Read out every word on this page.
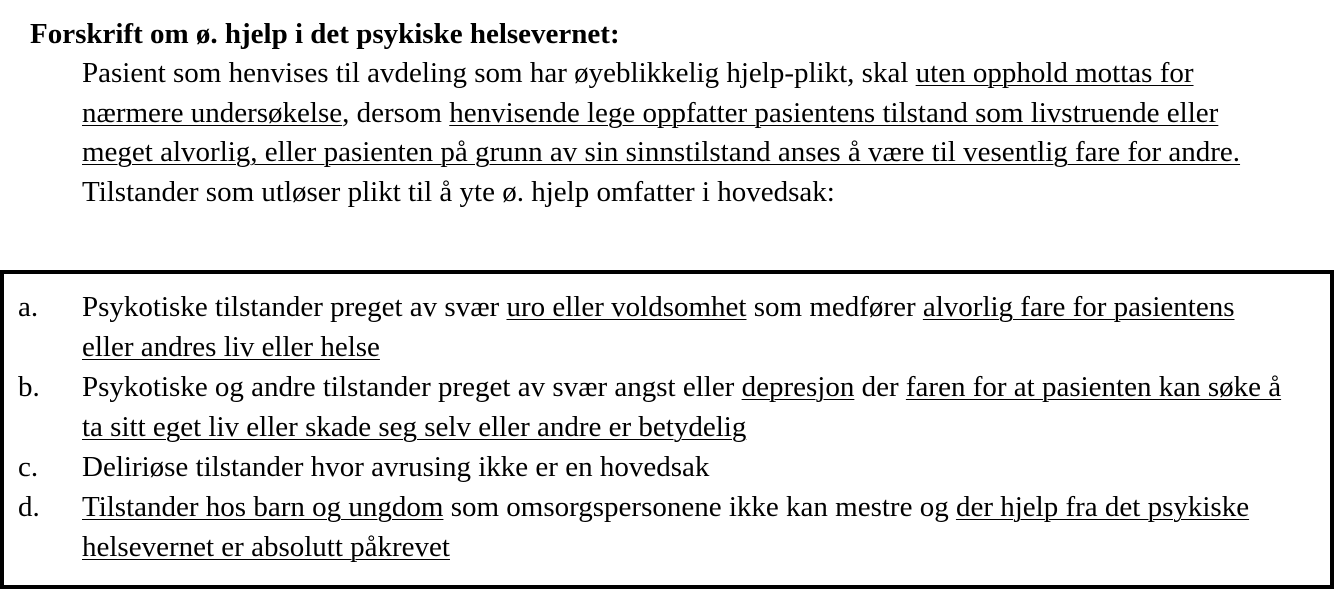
Forskrift om ø. hjelp i det psykiske helsevernet:

Pasient som henvises til avdeling som har øyeblikkelig hjelp-plikt, skal uten opphold mottas for nærmere undersøkelse, dersom henvisende lege oppfatter pasientens tilstand som livstruende eller meget alvorlig, eller pasienten på grunn av sin sinnstilstand anses å være til vesentlig fare for andre.

Tilstander som utløser plikt til å yte ø. hjelp omfatter i hovedsak:

a. Psykotiske tilstander preget av svær uro eller voldsomhet som medfører alvorlig fare for pasientens eller andres liv eller helse
b. Psykotiske og andre tilstander preget av svær angst eller depresjon der faren for at pasienten kan søke å ta sitt eget liv eller skade seg selv eller andre er betydelig
c. Deliriøse tilstander hvor avrusing ikke er en hovedsak
d. Tilstander hos barn og ungdom som omsorgspersonene ikke kan mestre og der hjelp fra det psykiske helsevernet er absolutt påkrevet
